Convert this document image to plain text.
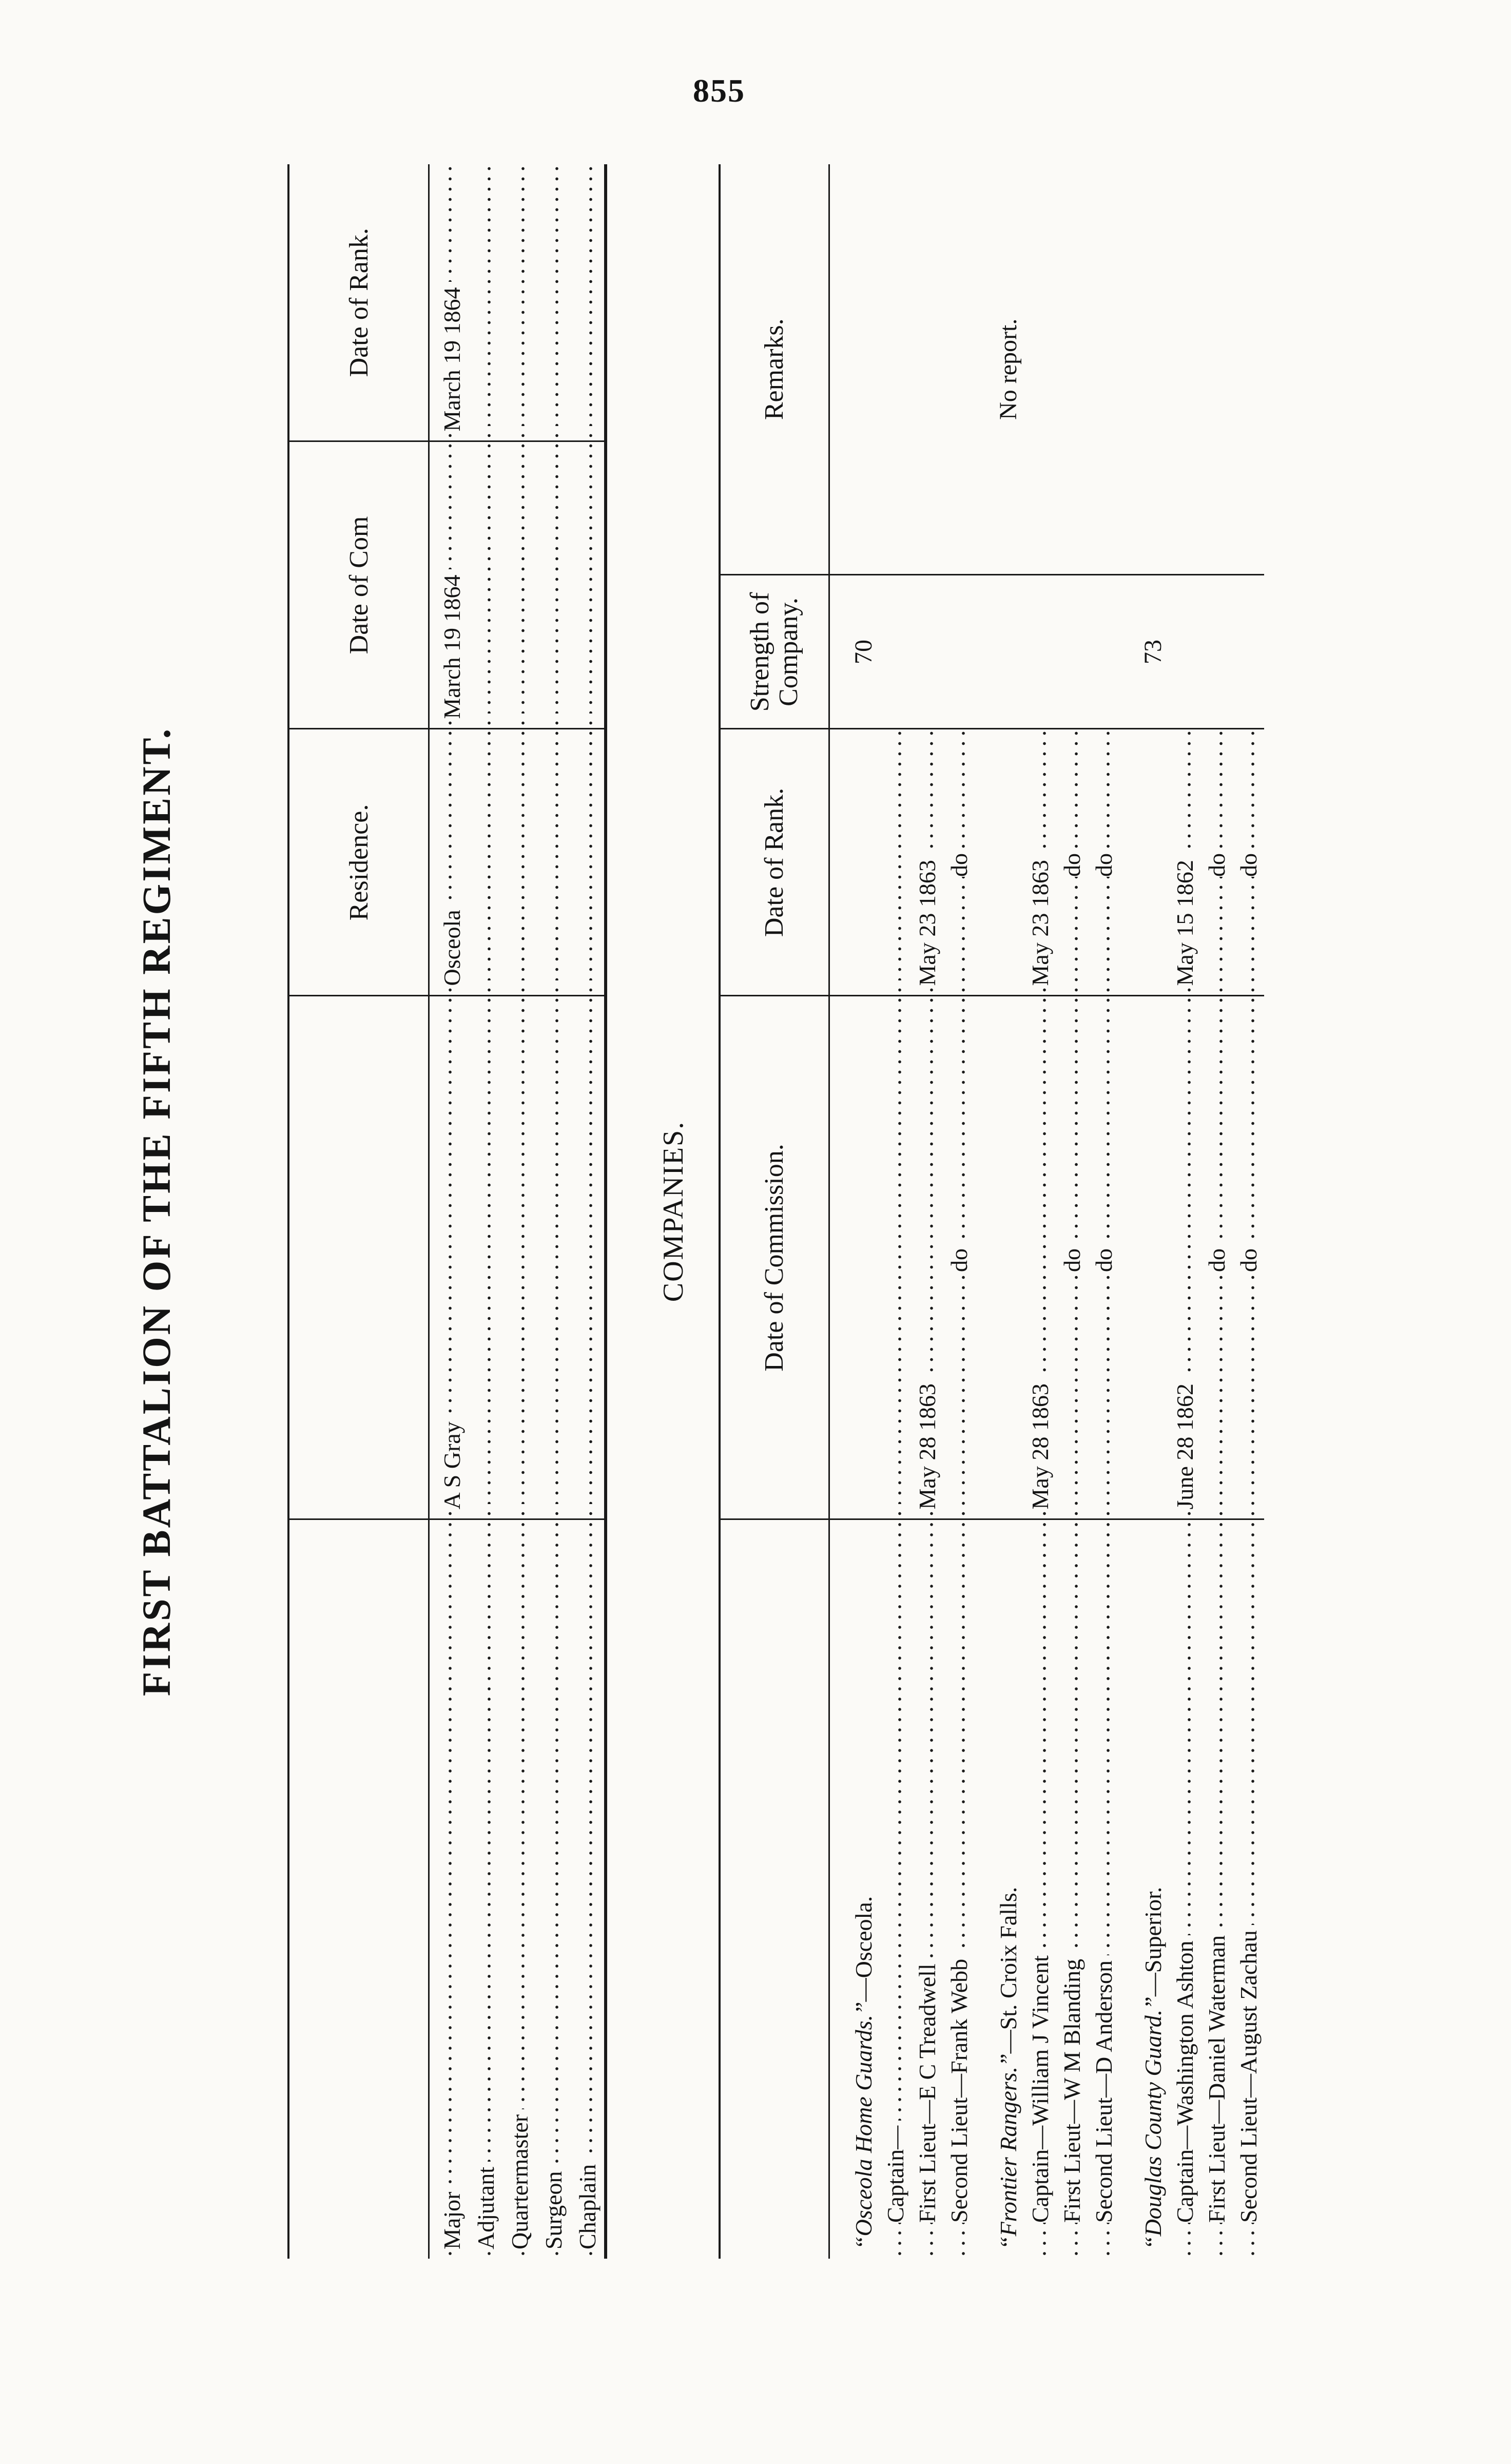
855
FIRST BATTALION OF THE FIFTH REGIMENT.
			Residence.	Date of Com	Date of Rank.
Major	A S Gray	Osceola	March 19 1864	March 19 1864
Adjutant				
Quartermaster				
Surgeon				
Chaplain				
COMPANIES.
		Date of Commission.	Date of Rank.	Strength of Company.	Remarks.
“Osceola Home Guards.”—Osceola.			70	
Captain—				
First Lieut—E C Treadwell	May 28 1863	May 23 1863		
Second Lieut—Frank Webb	do	do		
“Frontier Rangers.”—St. Croix Falls.				No report.
Captain—William J Vincent	May 28 1863	May 23 1863		
First Lieut—W M Blanding	do	do		
Second Lieut—D Anderson	do	do		
“Douglas County Guard.”—Superior.			73	
Captain—Washington Ashton	June 28 1862	May 15 1862		
First Lieut—Daniel Waterman	do	do		
Second Lieut—August Zachau	do	do		
